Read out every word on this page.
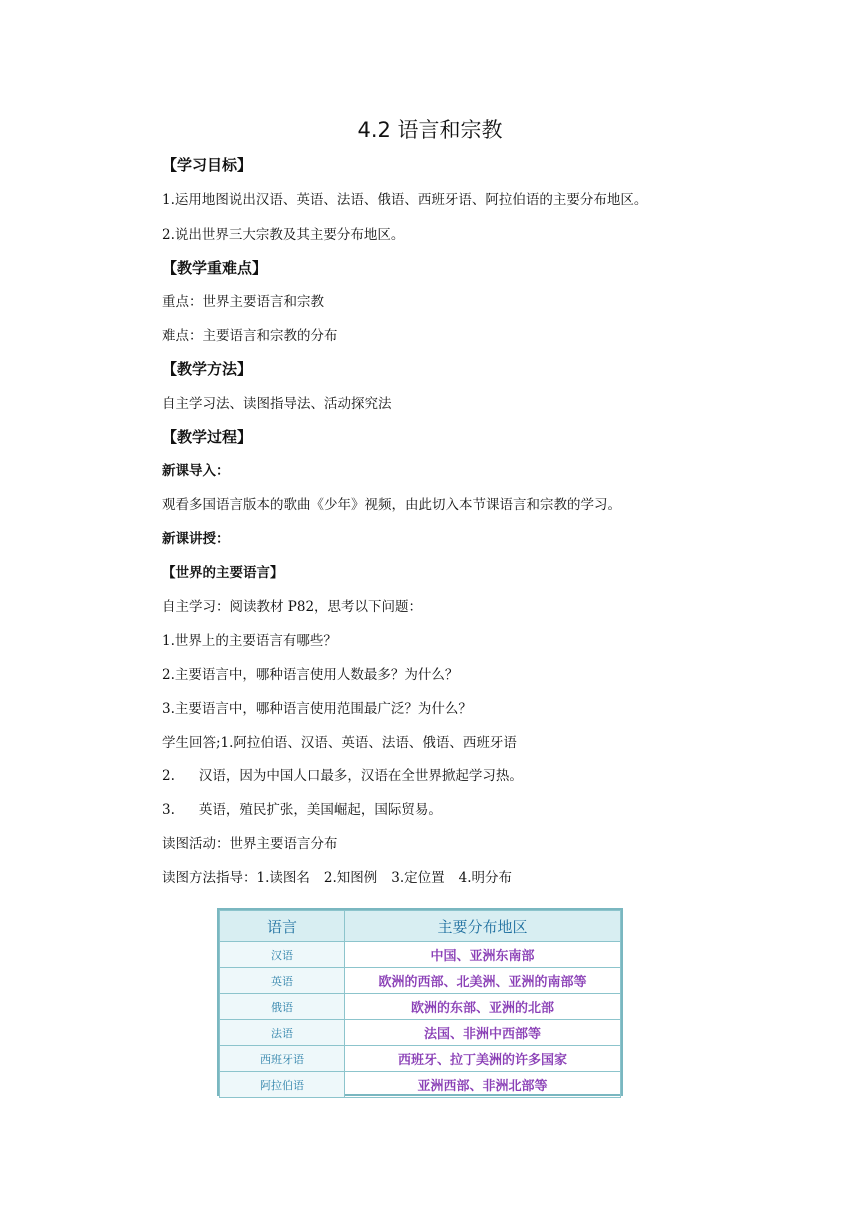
4.2 语言和宗教
【学习目标】
1.运用地图说出汉语、英语、法语、俄语、西班牙语、阿拉伯语的主要分布地区。
2.说出世界三大宗教及其主要分布地区。
【教学重难点】
重点：世界主要语言和宗教
难点：主要语言和宗教的分布
【教学方法】
自主学习法、读图指导法、活动探究法
【教学过程】
新课导入：
观看多国语言版本的歌曲《少年》视频，由此切入本节课语言和宗教的学习。
新课讲授：
【世界的主要语言】
自主学习：阅读教材 P82，思考以下问题：
1.世界上的主要语言有哪些？
2.主要语言中，哪种语言使用人数最多？为什么？
3.主要语言中，哪种语言使用范围最广泛？为什么？
学生回答;1.阿拉伯语、汉语、英语、法语、俄语、西班牙语
2. 汉语，因为中国人口最多，汉语在全世界掀起学习热。
3. 英语，殖民扩张，美国崛起，国际贸易。
读图活动：世界主要语言分布
读图方法指导：1.读图名 2.知图例 3.定位置 4.明分布
语言	主要分布地区
汉语	中国、亚洲东南部
英语	欧洲的西部、北美洲、亚洲的南部等
俄语	欧洲的东部、亚洲的北部
法语	法国、非洲中西部等
西班牙语	西班牙、拉丁美洲的许多国家
阿拉伯语	亚洲西部、非洲北部等
